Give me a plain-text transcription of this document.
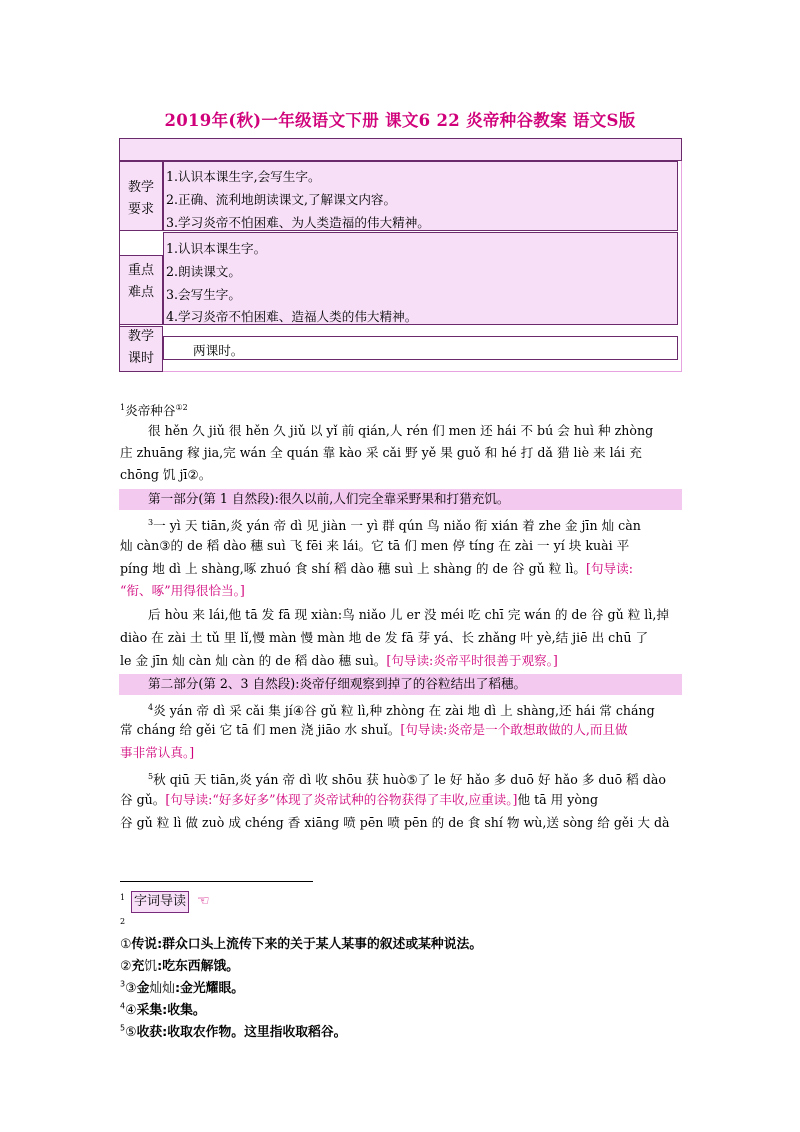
2019年(秋)一年级语文下册 课文6 22 炎帝种谷教案 语文S版
教学
要求
1.认识本课生字,会写生字。
2.正确、流利地朗读课文,了解课文内容。
3.学习炎帝不怕困难、为人类造福的伟大精神。
重点
难点
1.认识本课生字。
2.朗读课文。
3.会写生字。
4.学习炎帝不怕困难、造福人类的伟大精神。
教学
课时
两课时。
$^1$炎帝种谷$^{①2}$
很 hěn 久 jiǔ 很 hěn 久 jiǔ 以 yǐ 前 qián,人 rén 们 men 还 hái 不 bú 会 huì 种 zhòng
庄 zhuāng 稼 jia,完 wán 全 quán 靠 kào 采 cǎi 野 yě 果 guǒ 和 hé 打 dǎ 猎 liè 来 lái 充
chōng 饥 jī②。
第一部分(第 1 自然段):很久以前,人们完全靠采野果和打猎充饥。
$^3$一 yì 天 tiān,炎 yán 帝 dì 见 jiàn 一 yì 群 qún 鸟 niǎo 衔 xián 着 zhe 金 jīn 灿 càn
灿 càn③的 de 稻 dào 穗 suì 飞 fēi 来 lái。它 tā 们 men 停 tíng 在 zài 一 yí 块 kuài 平
píng 地 dì 上 shàng,啄 zhuó 食 shí 稻 dào 穗 suì 上 shàng 的 de 谷 gǔ 粒 lì。[句导读:
“衔、啄”用得很恰当。]
后 hòu 来 lái,他 tā 发 fā 现 xiàn:鸟 niǎo 儿 er 没 méi 吃 chī 完 wán 的 de 谷 gǔ 粒 lì,掉
diào 在 zài 土 tǔ 里 lǐ,慢 màn 慢 màn 地 de 发 fā 芽 yá、长 zhǎng 叶 yè,结 jiē 出 chū 了
le 金 jīn 灿 càn 灿 càn 的 de 稻 dào 穗 suì。[句导读:炎帝平时很善于观察。]
第二部分(第 2、3 自然段):炎帝仔细观察到掉了的谷粒结出了稻穗。
$^4$炎 yán 帝 dì 采 cǎi 集 jí④谷 gǔ 粒 lì,种 zhòng 在 zài 地 dì 上 shàng,还 hái 常 cháng
常 cháng 给 gěi 它 tā 们 men 浇 jiāo 水 shuǐ。[句导读:炎帝是一个敢想敢做的人,而且做
事非常认真。]
$^5$秋 qiū 天 tiān,炎 yán 帝 dì 收 shōu 获 huò⑤了 le 好 hǎo 多 duō 好 hǎo 多 duō 稻 dào
谷 gǔ。[句导读:“好多好多”体现了炎帝试种的谷物获得了丰收,应重读。]他 tā 用 yòng
谷 gǔ 粒 lì 做 zuò 成 chéng 香 xiāng 喷 pēn 喷 pēn 的 de 食 shí 物 wù,送 sòng 给 gěi 大 dà
1 字词导读 ☜
2
①传说:群众口头上流传下来的关于某人某事的叙述或某种说法。
②充饥:吃东西解饿。
$^3$③金灿灿:金光耀眼。
$^4$④采集:收集。
$^5$⑤收获:收取农作物。这里指收取稻谷。
